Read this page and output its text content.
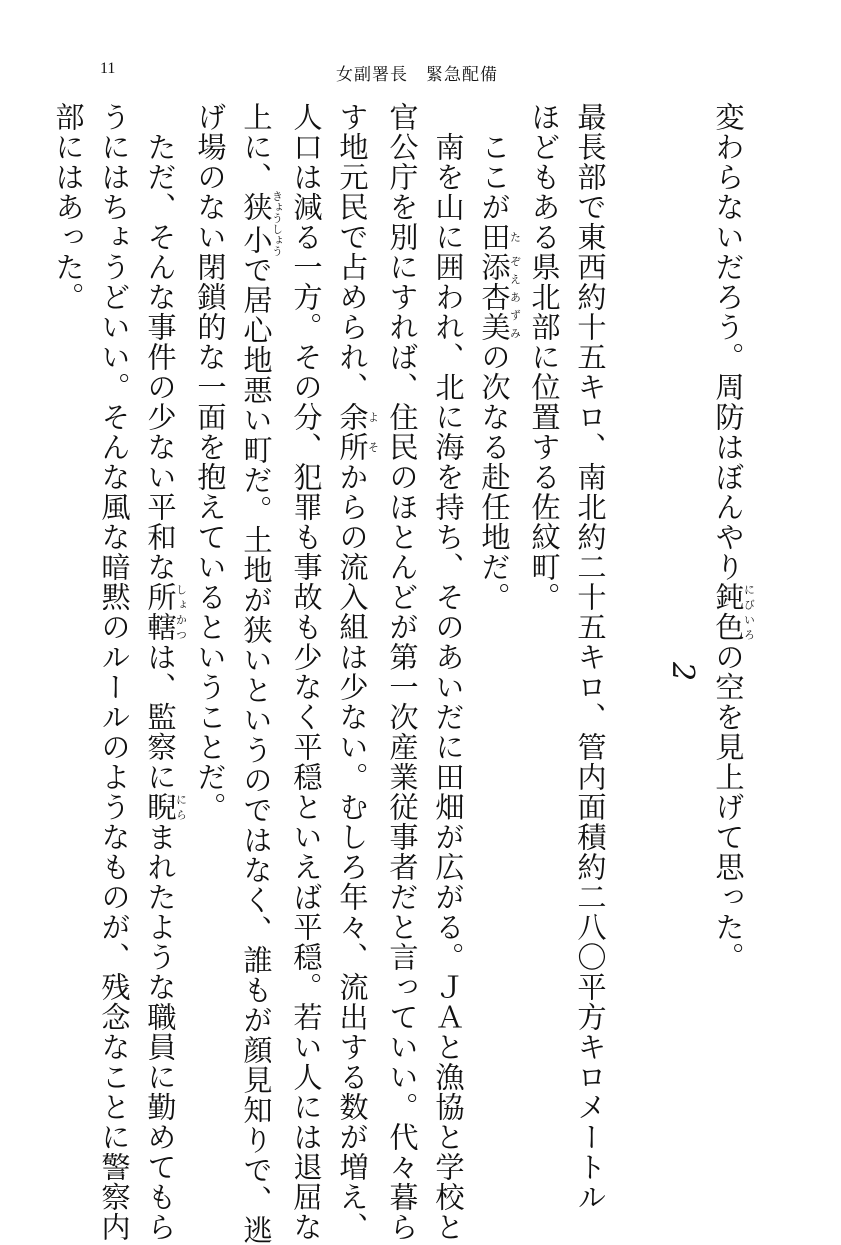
11	女副署長　緊急配備
変わらないだろう。周防はぼんやり鈍色にびいろの空を見上げて思った。
2
最長部で東西約十五キロ、南北約二十五キロ、管内面積約二八〇平方キロメートル
ほどもある県北部に位置する佐紋町。
ここが田た添杏美ぞえあずみの次なる赴任地だ。
南を山に囲われ、北に海を持ち、そのあいだに田畑が広がる。ＪＡと漁協と学校と
官公庁を別にすれば、住民のほとんどが第一次産業従事者だと言っていい。代々暮ら
す地元民で占められ、余所よそからの流入組は少ない。むしろ年々、流出する数が増え、
人口は減る一方。その分、犯罪も事故も少なく平穏といえば平穏。若い人には退屈な
上に、狭小きょうしょうで居心地悪い町だ。土地が狭いというのではなく、誰もが顔見知りで、逃
げ場のない閉鎖的な一面を抱えているということだ。
ただ、そんな事件の少ない平和な所轄しょかつは、監察に睨にらまれたような職員に勤めてもら
うにはちょうどいい。そんな風な暗黙のルールのようなものが、残念なことに警察内
部にはあった。
